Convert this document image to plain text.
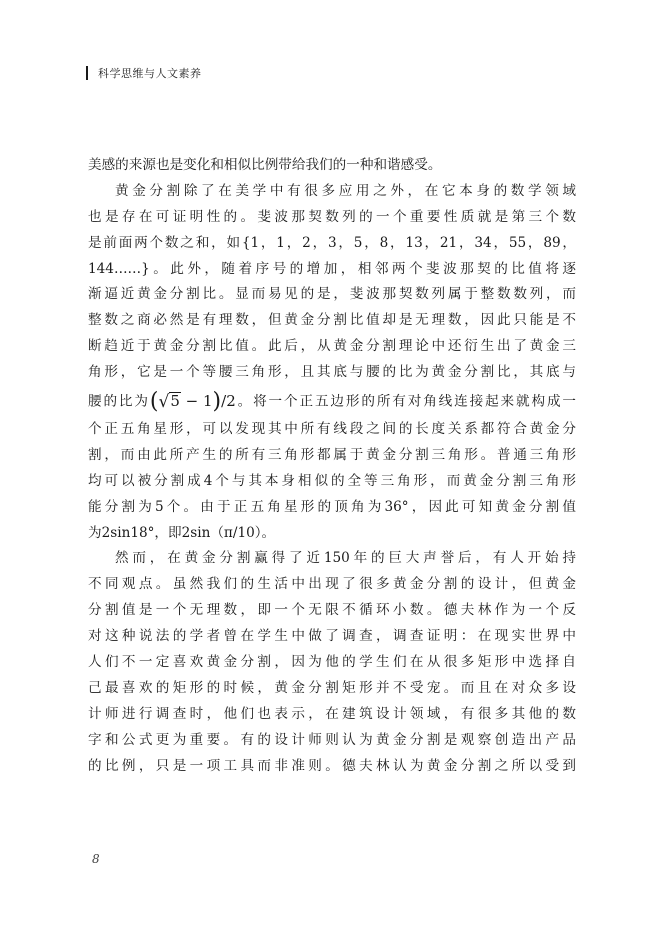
科学思维与人文素养
美感的来源也是变化和相似比例带给我们的一种和谐感受。
黄金分割除了在美学中有很多应用之外，在它本身的数学领域
也是存在可证明性的。斐波那契数列的一个重要性质就是第三个数
是前面两个数之和，如{1，1，2，3，5，8，13，21，34，55，89，
144……}。此外，随着序号的增加，相邻两个斐波那契的比值将逐
渐逼近黄金分割比。显而易见的是，斐波那契数列属于整数数列，而
整数之商必然是有理数，但黄金分割比值却是无理数，因此只能是不
断趋近于黄金分割比值。此后，从黄金分割理论中还衍生出了黄金三
角形，它是一个等腰三角形，且其底与腰的比为黄金分割比，其底与
腰的比为(√5 − 1)/2。将一个正五边形的所有对角线连接起来就构成一
个正五角星形，可以发现其中所有线段之间的长度关系都符合黄金分
割，而由此所产生的所有三角形都属于黄金分割三角形。普通三角形
均可以被分割成4个与其本身相似的全等三角形，而黄金分割三角形
能分割为5个。由于正五角星形的顶角为36°，因此可知黄金分割值
为2sin18°，即2sin（π/10）。
然而，在黄金分割赢得了近150年的巨大声誉后，有人开始持
不同观点。虽然我们的生活中出现了很多黄金分割的设计，但黄金
分割值是一个无理数，即一个无限不循环小数。德夫林作为一个反
对这种说法的学者曾在学生中做了调查，调查证明：在现实世界中
人们不一定喜欢黄金分割，因为他的学生们在从很多矩形中选择自
己最喜欢的矩形的时候，黄金分割矩形并不受宠。而且在对众多设
计师进行调查时，他们也表示，在建筑设计领域，有很多其他的数
字和公式更为重要。有的设计师则认为黄金分割是观察创造出产品
的比例，只是一项工具而非准则。德夫林认为黄金分割之所以受到
8
